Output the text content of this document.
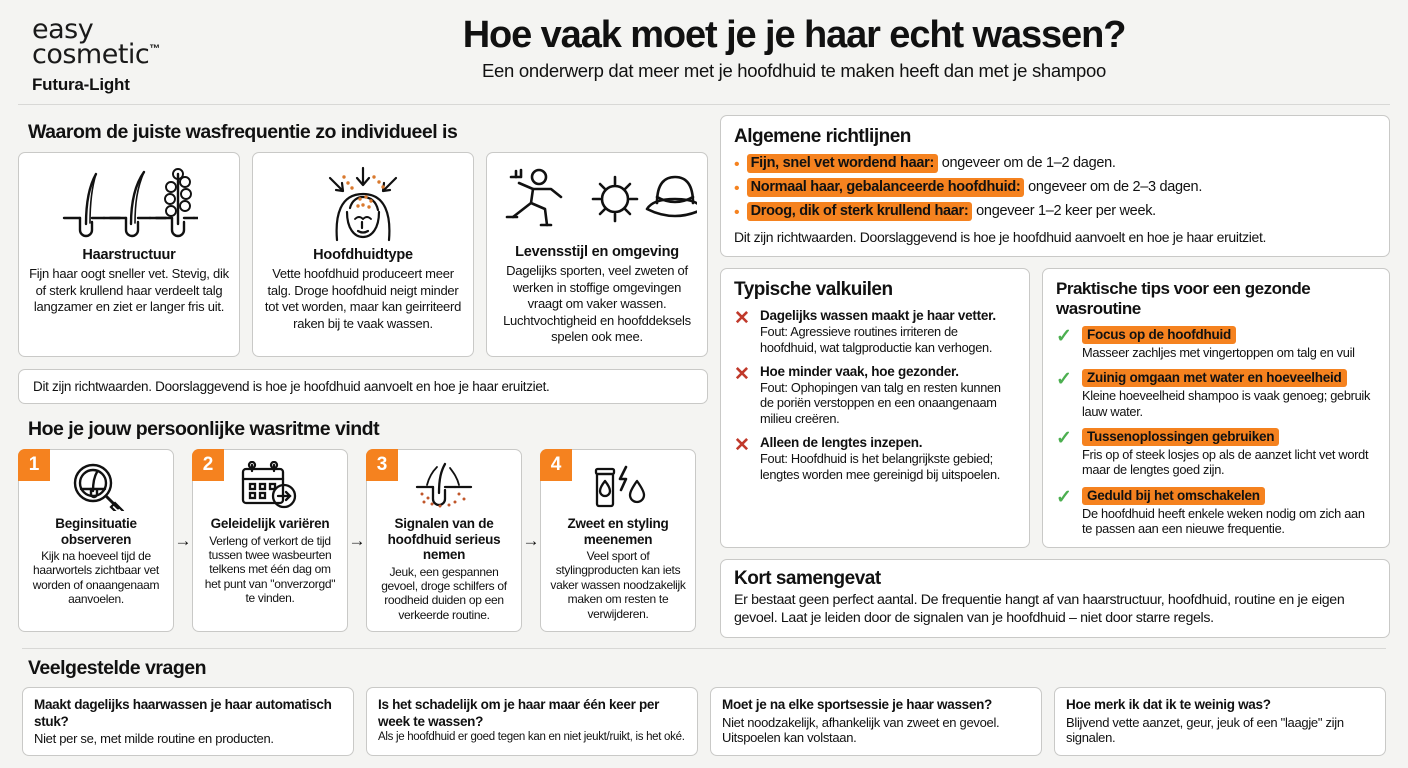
easy
cosmetic ™
Futura-Light
Hoe vaak moet je je haar echt wassen?
Een onderwerp dat meer met je hoofdhuid te maken heeft dan met je shampoo
Waarom de juiste wasfrequentie zo individueel is
Haarstructuur
Fijn haar oogt sneller vet. Stevig, dik of sterk krullend haar verdeelt talg langzamer en ziet er langer fris uit.
Hoofdhuidtype
Vette hoofdhuid produceert meer talg. Droge hoofdhuid neigt minder tot vet worden, maar kan geirriteerd raken bij te vaak wassen.
Levensstijl en omgeving
Dagelijks sporten, veel zweten of werken in stoffige omgevingen vraagt om vaker wassen. Luchtvochtigheid en hoofddeksels spelen ook mee.
Dit zijn richtwaarden. Doorslaggevend is hoe je hoofdhuid aanvoelt en hoe je haar eruitziet.
Hoe je jouw persoonlijke wasritme vindt
1
Beginsituatie observeren
Kijk na hoeveel tijd de haarwortels zichtbaar vet worden of onaangenaam aanvoelen.
→
2
Geleidelijk variëren
Verleng of verkort de tijd tussen twee wasbeurten telkens met één dag om het punt van "onverzorgd" te vinden.
→
3
Signalen van de hoofdhuid serieus nemen
Jeuk, een gespannen gevoel, droge schilfers of roodheid duiden op een verkeerde routine.
→
4
Zweet en styling meenemen
Veel sport of stylingproducten kan iets vaker wassen noodzakelijk maken om resten te verwijderen.
Algemene richtlijnen
• Fijn, snel vet wordend haar: ongeveer om de 1–2 dagen.
• Normaal haar, gebalanceerde hoofdhuid: ongeveer om de 2–3 dagen.
• Droog, dik of sterk krullend haar: ongeveer 1–2 keer per week.
Dit zijn richtwaarden. Doorslaggevend is hoe je hoofdhuid aanvoelt en hoe je haar eruitziet.
Typische valkuilen
✕ Dagelijks wassen maakt je haar vetter.
Fout: Agressieve routines irriteren de hoofdhuid, wat talgproductie kan verhogen.
✕ Hoe minder vaak, hoe gezonder.
Fout: Ophopingen van talg en resten kunnen de poriën verstoppen en een onaangenaam milieu creëren.
✕ Alleen de lengtes inzepen.
Fout: Hoofdhuid is het belangrijkste gebied; lengtes worden mee gereinigd bij uitspoelen.
Praktische tips voor een gezonde wasroutine
✓	Focus op de hoofdhuid
Masseer zachljes met vingertoppen om talg en vuil
✓	Zuinig omgaan met water en hoeveelheid
Kleine hoeveelheid shampoo is vaak genoeg; gebruik lauw water.
✓	Tussenoplossingen gebruiken
Fris op of steek losjes op als de aanzet licht vet wordt maar de lengtes goed zijn.
✓	Geduld bij het omschakelen
De hoofdhuid heeft enkele weken nodig om zich aan te passen aan een nieuwe frequentie.
Kort samengevat
Er bestaat geen perfect aantal. De frequentie hangt af van haarstructuur, hoofdhuid, routine en je eigen gevoel. Laat je leiden door de signalen van je hoofdhuid – niet door starre regels.
Veelgestelde vragen
Maakt dagelijks haarwassen je haar automatisch stuk?
Niet per se, met milde routine en producten.
Is het schadelijk om je haar maar één keer per week te wassen?
Als je hoofdhuid er goed tegen kan en niet jeukt/ruikt, is het oké.
Moet je na elke sportsessie je haar wassen?
Niet noodzakelijk, afhankelijk van zweet en gevoel. Uitspoelen kan volstaan.
Hoe merk ik dat ik te weinig was?
Blijvend vette aanzet, geur, jeuk of een "laagje" zijn signalen.
